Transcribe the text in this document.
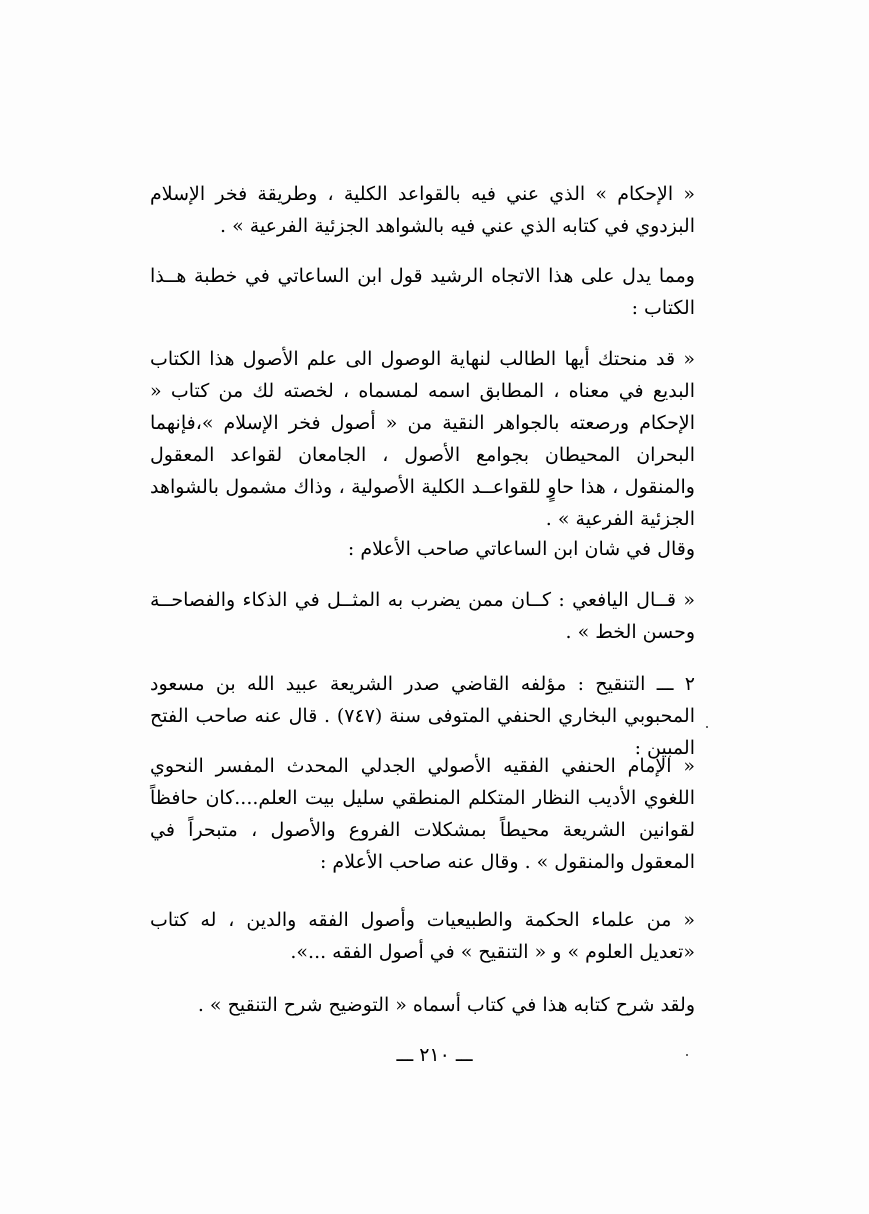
« الإحكام » الذي عني فيه بالقواعد الكلية ، وطريقة فخر الإسلام البزدوي في كتابه الذي عني فيه بالشواهد الجزئية الفرعية » .

ومما يدل على هذا الاتجاه الرشيد قول ابن الساعاتي في خطبة هــذا الكتاب :

« قد منحتك أيها الطالب لنهاية الوصول الى علم الأصول هذا الكتاب البديع في معناه ، المطابق اسمه لمسماه ، لخصته لك من كتاب « الإحكام ورصعته بالجواهر النقية من « أصول فخر الإسلام »،فإنهما البحران المحيطان بجوامع الأصول ، الجامعان لقواعد المعقول والمنقول ، هذا حاوٍ للقواعــد الكلية الأصولية ، وذاك مشمول بالشواهد الجزئية الفرعية » .

وقال في شان ابن الساعاتي صاحب الأعلام :

« قــال اليافعي : كــان ممن يضرب به المثــل في الذكاء والفصاحــة وحسن الخط » .

٢ ـــ التنقيح : مؤلفه القاضي صدر الشريعة عبيد الله بن مسعود المحبوبي البخاري الحنفي المتوفى سنة (٧٤٧) . قال عنه صاحب الفتح المبين :

« الإمام الحنفي الفقيه الأصولي الجدلي المحدث المفسر النحوي اللغوي الأديب النظار المتكلم المنطقي سليل بيت العلم....كان حافظاً لقوانين الشريعة محيطاً بمشكلات الفروع والأصول ، متبحراً في المعقول والمنقول » . وقال عنه صاحب الأعلام :

« من علماء الحكمة والطبيعيات وأصول الفقه والدين ، له كتاب «تعديل العلوم » و « التنقيح » في أصول الفقه ...».

ولقد شرح كتابه هذا في كتاب أسماه « التوضيح شرح التنقيح » .

ـــ ٢١٠ ـــ
